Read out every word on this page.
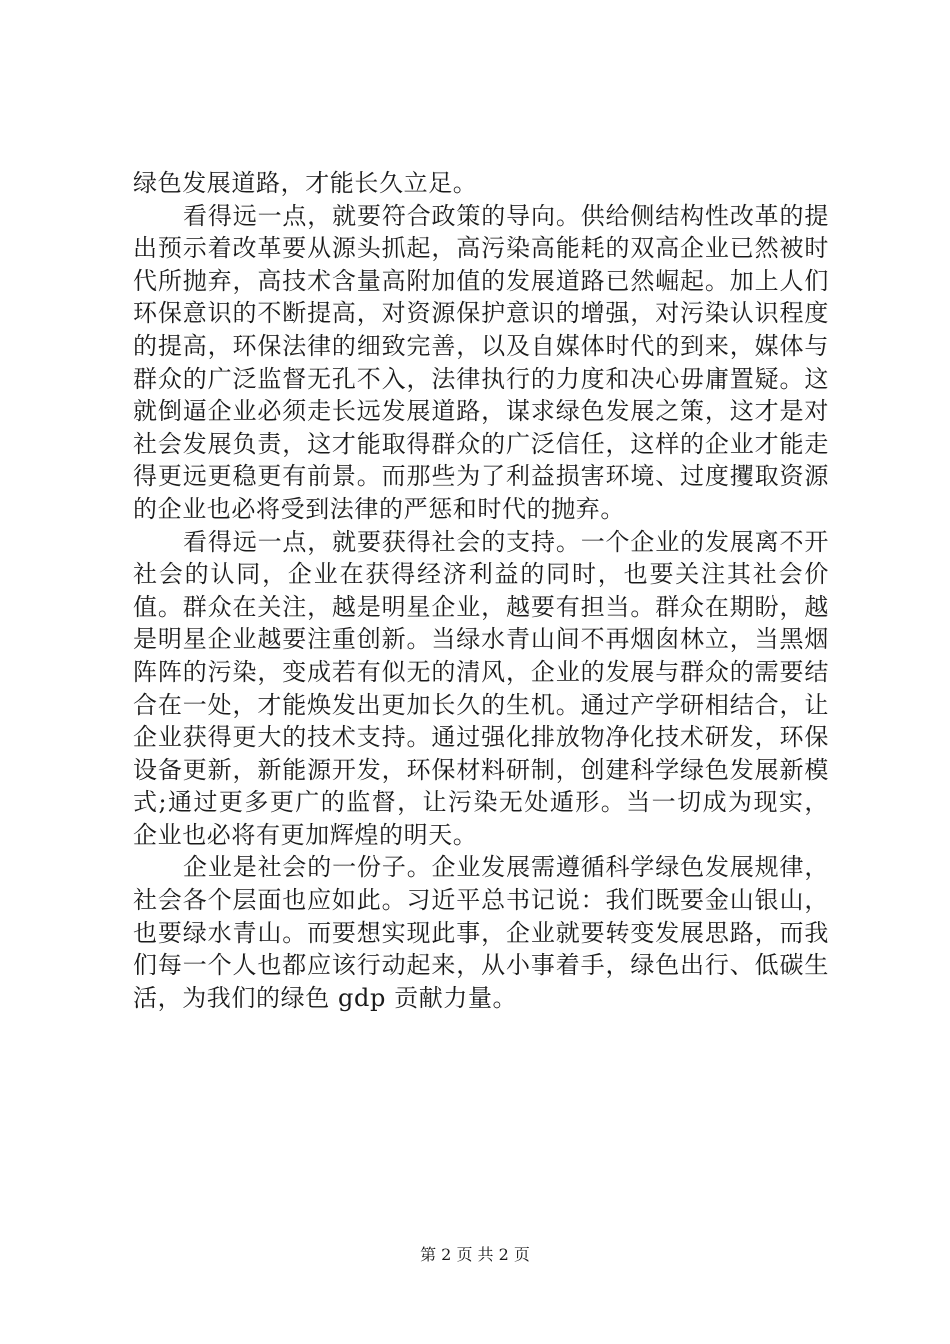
绿色发展道路，才能长久立足。

看得远一点，就要符合政策的导向。供给侧结构性改革的提出预示着改革要从源头抓起，高污染高能耗的双高企业已然被时代所抛弃，高技术含量高附加值的发展道路已然崛起。加上人们环保意识的不断提高，对资源保护意识的增强，对污染认识程度的提高，环保法律的细致完善，以及自媒体时代的到来，媒体与群众的广泛监督无孔不入，法律执行的力度和决心毋庸置疑。这就倒逼企业必须走长远发展道路，谋求绿色发展之策，这才是对社会发展负责，这才能取得群众的广泛信任，这样的企业才能走得更远更稳更有前景。而那些为了利益损害环境、过度攫取资源的企业也必将受到法律的严惩和时代的抛弃。

看得远一点，就要获得社会的支持。一个企业的发展离不开社会的认同，企业在获得经济利益的同时，也要关注其社会价值。群众在关注，越是明星企业，越要有担当。群众在期盼，越是明星企业越要注重创新。当绿水青山间不再烟囱林立，当黑烟阵阵的污染，变成若有似无的清风，企业的发展与群众的需要结合在一处，才能焕发出更加长久的生机。通过产学研相结合，让企业获得更大的技术支持。通过强化排放物净化技术研发，环保设备更新，新能源开发，环保材料研制，创建科学绿色发展新模式;通过更多更广的监督，让污染无处遁形。当一切成为现实，企业也必将有更加辉煌的明天。

企业是社会的一份子。企业发展需遵循科学绿色发展规律，社会各个层面也应如此。习近平总书记说：我们既要金山银山，也要绿水青山。而要想实现此事，企业就要转变发展思路，而我们每一个人也都应该行动起来，从小事着手，绿色出行、低碳生活，为我们的绿色 gdp 贡献力量。

第 2 页 共 2 页
